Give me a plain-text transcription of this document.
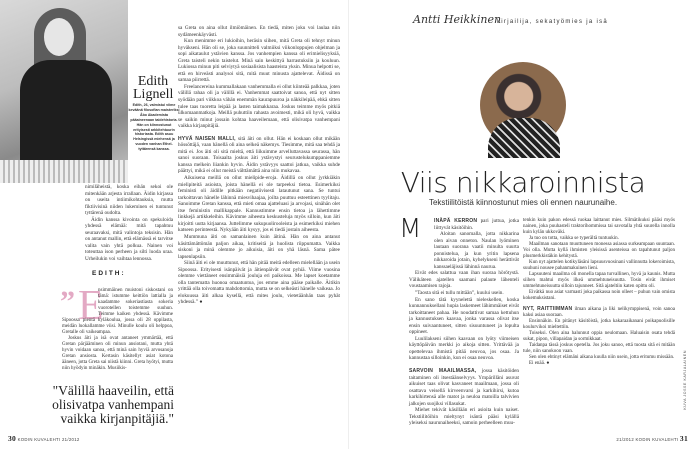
Edith Lignell
Edith, 26, valmistui viime keväänä filosofian maisteriksi Åbo Akademista pääaineenaan taidehistoria. Hän on kiinnostunut erityisesti arkkitehtuurin historiasta. Edith asuu Helsingissä miehensä ja vuoden vanhan Ethel-tyttärensä kanssa.

nimiläheistä, koska eihän sekoi ole mitenkään arjesta irrallaan. Äidin kirjassa on useita intiimikohtauksia, mutta fiktiivisinä niiden lukeminen ei tuntunut tyttärenä oudolta.

Äidin kanssa kivointa on spekuloida yhdessä elämää: mitä tapahtuu seuraavaksi, mitä valintoja teksisin. Hän on antanut mallin, että elämässä ei tarvitse valita vain yhtä polkua. Nainen voi toteuttaa ison perheen ja silti luoda uraa. Urheilukin voi vaihtaa lennossa.

EDITH:
” E

nsimmäinen muistoni siskostani on tämä: istumme keittiön lattialla ja kaadamme sokeriastiasta sokeria vuorotellen toistemme suuhun. Teimme kaiken yhdessä. Kävimme Sipoossa pientä kyläkoulua, jossa oli 28 oppilasta, meidän luokallamme viisi. Minulle koulu oli helppoa, Gretalle oli vaikeampaa.

Joskus äiti ja isä ovat antaneet ymmärtää, että Gretan pärjääminen oli minun ansiotani, mutta yhtä hyvin voidaan sanoa, että minä sain hyviä arvosanoja Gretan ansiosta. Kertasin käsitellyt asiat kotona ääneen, jotta Greta sai niistä kiinni. Greta hyötyi, mutta niin hyödyin minäkin. Musiikis-

sa Greta on aina ollut ilmiömäinen. En tiedä, miten joku voi laulaa niin sydämeenkäyvästi.

Kun menimme eri lukioihin, heräsin siihen, mitä Greta oli tehnyt minun hyväkseni. Hän oli se, joka suunnitteli valmiiksi viikonloppujen ohjelman ja sopi aikataulut ystävien kanssa. Jos vanhempien kanssa oli erimielisyyksiä, Greta taisteli nekin taistelut. Minä sain keskittyä harrastuksiin ja kouluun. Lukiossa minun piti selviytyä sosiaalisista haasteista yksin. Minua helpotti se, että en hirveästi analysoi sitä, mitä muut minusta ajattelevat. Äidissä on samaa piirrettä.

Freelancereina kummallakaan vanhemmalla ei ollut kiinteää palkkaa, joten välillä rahaa oli ja välillä ei. Vanhemmat saattoivat sanoa, että nyt sitten syödään pari viikkoa vähän enemmän kaurapuuroa ja näkkileipää, ehkä sitten tulee taas tuoretta leipää ja lasten taimakkaraa. Joskus teimme myös pitkiä ulkomaanmatkoja. Meillä puhuttiin rahasta avoimesti, mikä oli hyvä, vaikka se saikin minut jossain kohtaa haaveilemaan, että olisivatpa vanhempani vaikka kirjanpitäjiä.

HYVÄ NAISEN MALLI, sitä äiti on ollut. Hän ei koskaan ollut mikään hössöttäjä, vaan hänellä oli aina selkeä näkemys. Tiesimme, mitä saa tehdä ja mitä ei. Jos äiti oli sitä mieltä, että liikuimme arvelluttavassa seurassa, hän sanoi suoraan. Toisaalta joskus äiti ystävystyi seurustelukumppaniemme kanssa melkein liiankin hyvin. Äidin ystävyys saattoi jatkua, vaikka suhde päättyi, mikä ei ollut meistä välttämättä aina niin mukavaa.

Aikuisena meillä on ollut mielipide-eroja. Äidillä on ollut jyrkkiäkin mielipiteitä asioista, joista hänellä ei ole tarpeeksi tietoa. Esimerkiksi feministi oli äidille pitkään negatiivisesti latautunut sana. Se tuntui tarkoittavan hänelle lähinnä miesvihaajaa, joilta puuttuu esteettinen tyylitaju. Sanoimme Gretan kanssa, että mieti omaa ajatteluasi ja arvojasi, sinähän olet itse feministin mallikappale. Kannustimme ensin tietoa ja lähettimme linkkejä artikkeleihin. Kävimme aiheesta keskusteluja myös silloin, kun äiti kirjoitti uutta kirjaansa. Juttelimme sukupuolirooleista ja esimerkiksi miehen katseen perinteestä. Nykyään äiti kysyy, jos ei tiedä jostain aiheesta.

Mummuna äiti on samanlainen kuin äitinä. Hän on aina antanut käsittämättömän paljon aikaa, kritiseitä ja huolista riippumatta. Vaikka siskoni ja minä olemme jo aikuisia, äiti on yhä läsnä. Sama pätee lapsenlapsiin.

Siinä äiti ei ole muuttunut, että hän pitää meitä edelleen mielellään ja usein Sipoossa. Erityisesti isänpäivät ja äitienpäivät ovat pyhiä. Viime vuosina olemme viettäneet ensimmäisiä jouluja eri paikoissa. Me lapset koetamme olla tantematta huonoa omaatuntoa, jos emme aina pääse paikalle. Äitikin yrittää olla toivomatta mahdottomia, mutta se on selkeästi hänelle vaikeaa. Jo elokuussa äiti alkaa kysellä, että mites joulu, vietetäänhän taas pyhät yhdessä.” ●

"Välillä haaveilin, että olisivatpa vanhempani vaikka kirjanpitäjiä."
30 KODIN KUVALEHTI 21/2012
Antti Heikkinen
kirjailija, sekatyömies ja isä
Viis nikkaroinnista
Tekstiilitöistä kiinnostunut mies oli ennen naurunaihe.
M	INÄPÄ KERRON pari juttua, jotka liittyvät käsitöihin.

Aloitan sanomalla, jotta nikkarina olen aivan onneton. Naulan lyöminen lautaan suorana vaatii minulta suurta ponnistelua, ja kun yritin lapsena nikkaroida jotain, kyhelykseni herättivät kanssaeläjissä lähinnä naurua.

Eivät edes salattua vaan ihan suoraa hörötystä. Välikäteen ajatellen saamani palaute lähenteli voustaamisen rajoja.

”Taosta sitä ei tullu mittään”, kuului usein.

En sano tätä kyynelettä nieleskellen, koska kunnannuksellani hupia laskemeet lähimmäiset eivät tarkoittaneet pahaa. He noudattivat samaa kettuhun ja kannustuksen kaavaa, jonka varassa olivat itse ensin suivaantuneet, sitten sisuuntuneet ja lopulta oppineet.

Luulilakseni siihen kaavaan on lyöty viimeisen käyttöpäivän merkki jo aikoja sitten. Yrittävää ja opettelevaa ihmistä pitää neuvoa, jos osaa. Ja kannustaa silloinkin, kun ei osaa neuvoa.

SARVOIN MAAILMASSA, jossa käsitöiden taitaminen oli itsestäänselvyys. Ympärilläni asuvat aikuiset taas olivat kasvaneet maailmaan, jossa oli osattava veisellä kirveenvarsi ja karkihirsi, kutoa karkihirtensä alle matot ja neuloa matoilla talvivien jalkojen suojiksi villasukat.

Miehet tekivät käsillään eri asioita kuin naiset. Tekstiilitöihin mieltynyt isäntä pääsi kylällä yleiseksi naurunaiheeksi, samoin perheelleen muu-

tenkin kuin pakon edessä ruokaa laittanut mies. Silmätikuksi pääsi myös nainen, joka puuhasteli traktorihommissa tai savotalla yhtä suurella innolla kuin kylän ukkoväki.

Ja tuo on totta, vaikka se typerältä tuntuukin.

Maailman sanotaan muuttuneen monessa asiassa surkeampaan suuntaan. Voi olla. Mutta kyllä ihmisten yleisissä asenteissa on tapahtunut paljon plusmerkkistäkin kehitystä.

Kun nyt ajattelen kotikyläsäni lapsuusvuosinani vallinnutta lokeroimista, suuhuni nousee pahanmakuinen lieni.

Lapsuuteni maailma oli monella tapaa turvallinen, hyvä ja kaunis. Mutta siihen mahtui myös ilkeä ummehtuneisuutta. Tosin eivät ihmiset ummehtuneisuutta silloin tajunneet. Sitä ajateltiin katen opittu oli.

Eivätkä nuo asiat varmasti joka paikassa noin olleet – puhun vain omista kokemuksistani.

NYT, RAITTIIMMAN ilman aikana ja liki nelikymppisenä, voin sanoa kaksi asiaa suoraan.

Ensinnäkin. En pitänyt käsitöistä, jotka kakaraaikanani poikapuolisille koulurvikoi mieltettiin.

Toiseksi. Olen aina halunnut oppia neulomaan. Haluaisin osata tehdä sukat, pipon, villapaidan ja sormikkaat.

Taidanpa tässä joskus opetella. Jos joku sanoo, että tuosta sitä ei mitään tule, niin sanokoon vaan.

Sen olen ehtinyt elämäni aikana kuulla niin usein, jotta eritumu missään.

Ei enää. ●	KUVA JOSSE KARJALAINEN
21/2012 KODIN KUVALEHTI 31
